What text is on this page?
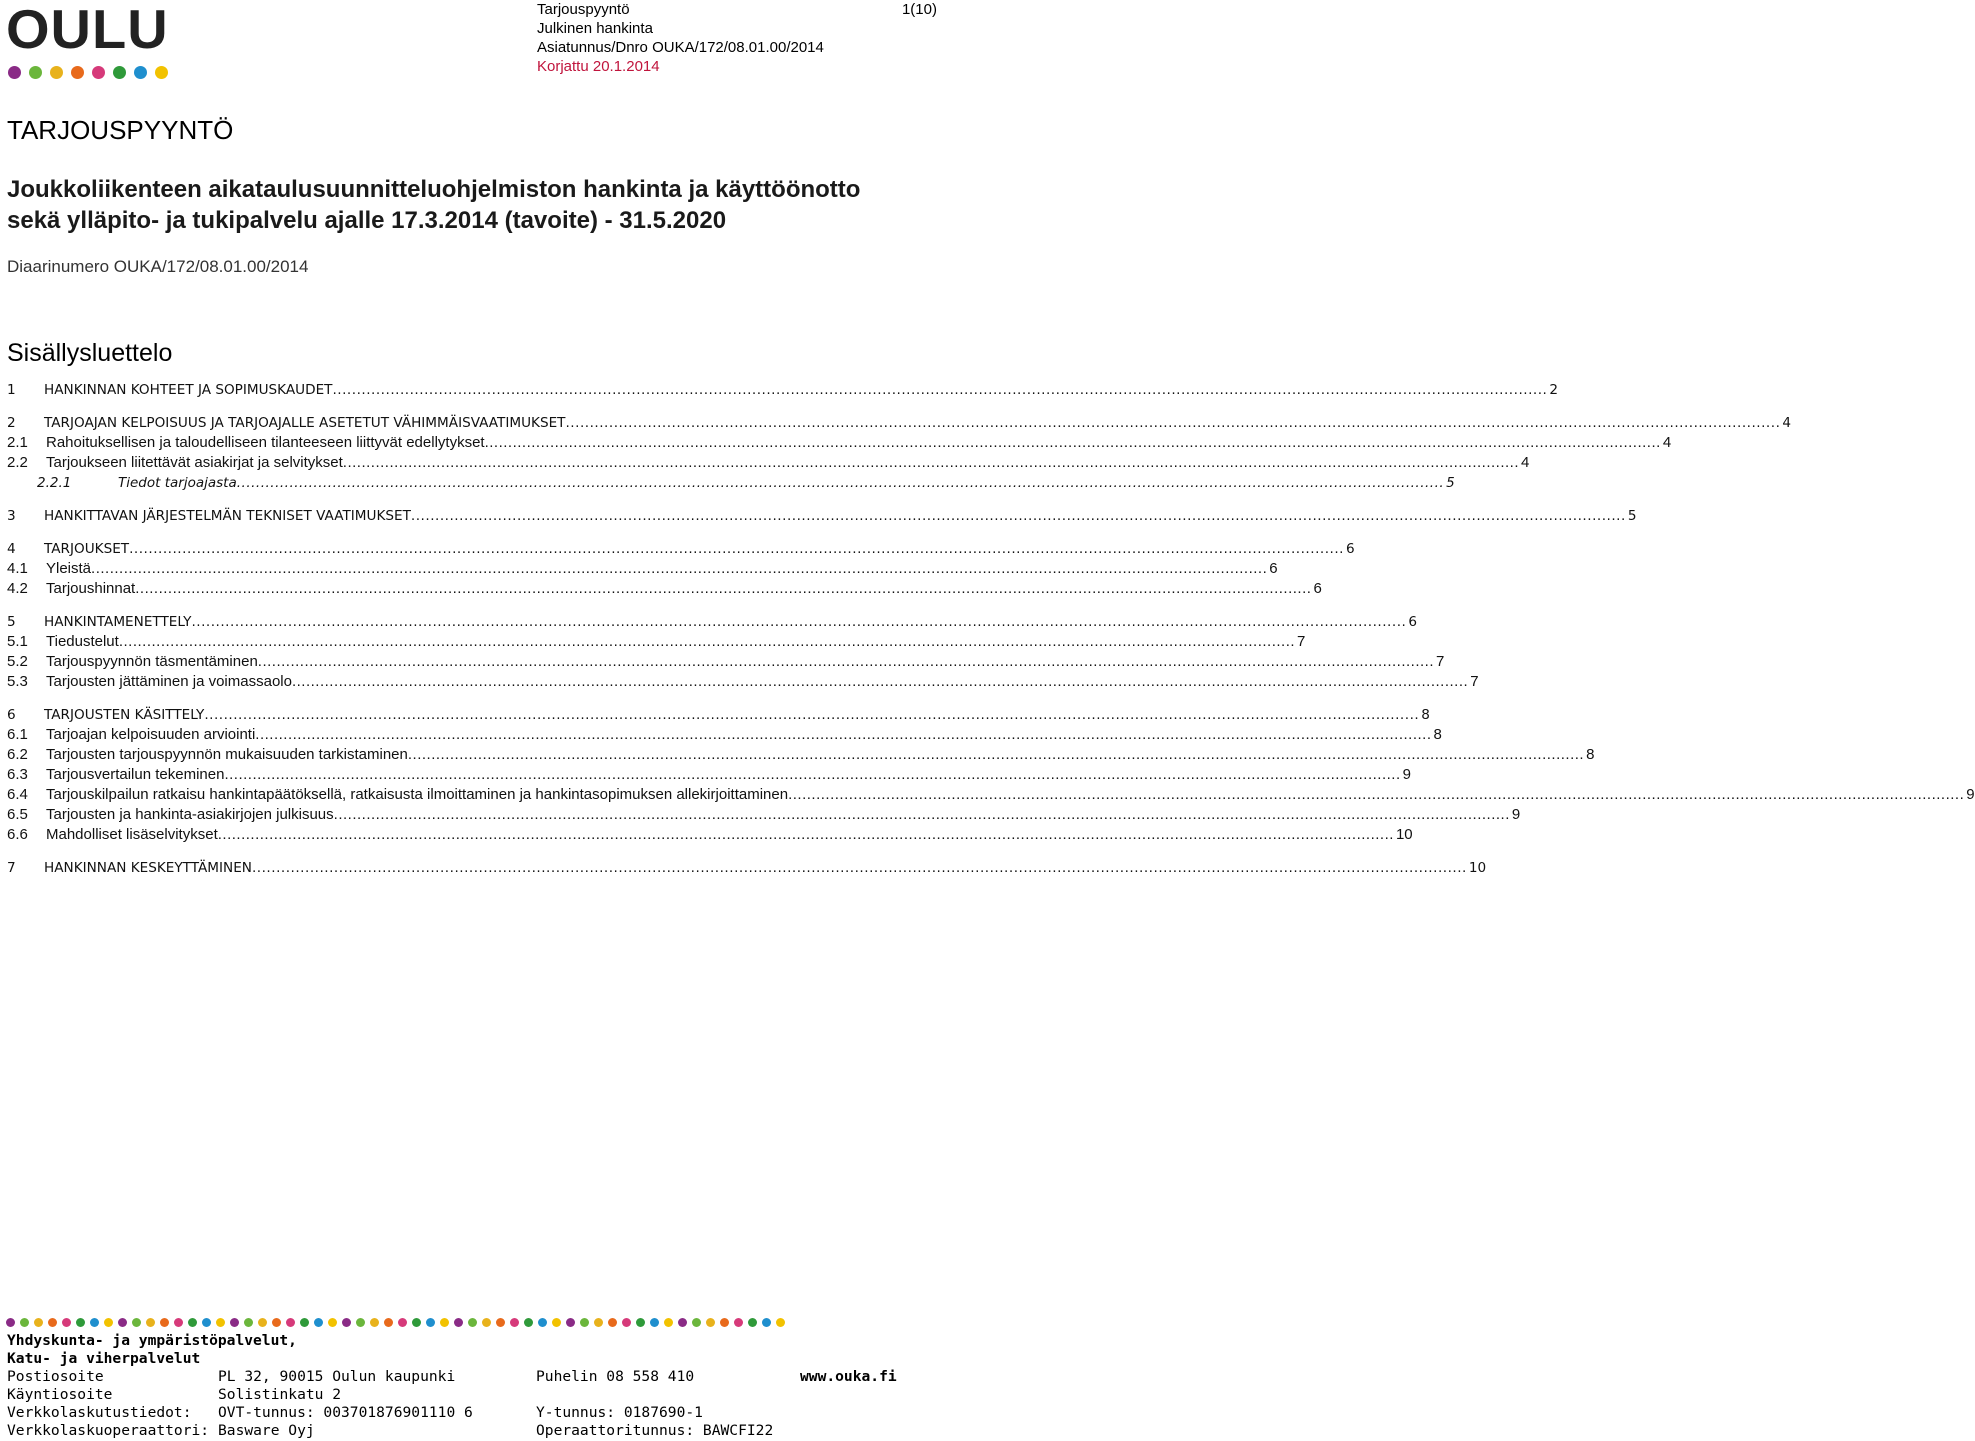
OULU	Tarjouspyyntö	1(10)
Julkinen hankinta
Asiatunnus/Dnro OUKA/172/08.01.00/2014
Korjattu 20.1.2014
TARJOUSPYYNTÖ
Joukkoliikenteen aikataulusuunnitteluohjelmiston hankinta ja käyttöönotto
sekä ylläpito- ja tukipalvelu ajalle 17.3.2014 (tavoite) - 31.5.2020
Diaarinumero OUKA/172/08.01.00/2014
Sisällysluettelo
1	HANKINNAN KOHTEET JA SOPIMUSKAUDET .....	2
2	TARJOAJAN KELPOISUUS JA TARJOAJALLE ASETETUT VÄHIMMÄISVAATIMUKSET .....	4
2.1	Rahoituksellisen ja taloudelliseen tilanteeseen liittyvät edellytykset .....	4
2.2	Tarjoukseen liitettävät asiakirjat ja selvitykset .....	4
2.2.1	Tiedot tarjoajasta .....	5
3	HANKITTAVAN JÄRJESTELMÄN TEKNISET VAATIMUKSET .....	5
4	TARJOUKSET .....	6
4.1	Yleistä .....	6
4.2	Tarjoushinnat .....	6
5	HANKINTAMENETTELY .....	6
5.1	Tiedustelut .....	7
5.2	Tarjouspyynnön täsmentäminen .....	7
5.3	Tarjousten jättäminen ja voimassaolo .....	7
6	TARJOUSTEN KÄSITTELY .....	8
6.1	Tarjoajan kelpoisuuden arviointi .....	8
6.2	Tarjousten tarjouspyynnön mukaisuuden tarkistaminen .....	8
6.3	Tarjousvertailun tekeminen .....	9
6.4	Tarjouskilpailun ratkaisu hankintapäätöksellä, ratkaisusta ilmoittaminen ja hankintasopimuksen allekirjoittaminen .....	9
6.5	Tarjousten ja hankinta-asiakirjojen julkisuus .....	9
6.6	Mahdolliset lisäselvitykset .....	10
7	HANKINNAN KESKEYTTÄMINEN .....	10
Yhdyskunta- ja ympäristöpalvelut,
Katu- ja viherpalvelut
Postiosoite	PL 32, 90015 Oulun kaupunki	Puhelin 08 558 410	www.ouka.fi
Käyntiosoite	Solistinkatu 2
Verkkolaskutustiedot:	OVT-tunnus: 003701876901110 6	Y-tunnus: 0187690-1
Verkkolaskuoperaattori: Basware Oyj	Operaattoritunnus: BAWCFI22
